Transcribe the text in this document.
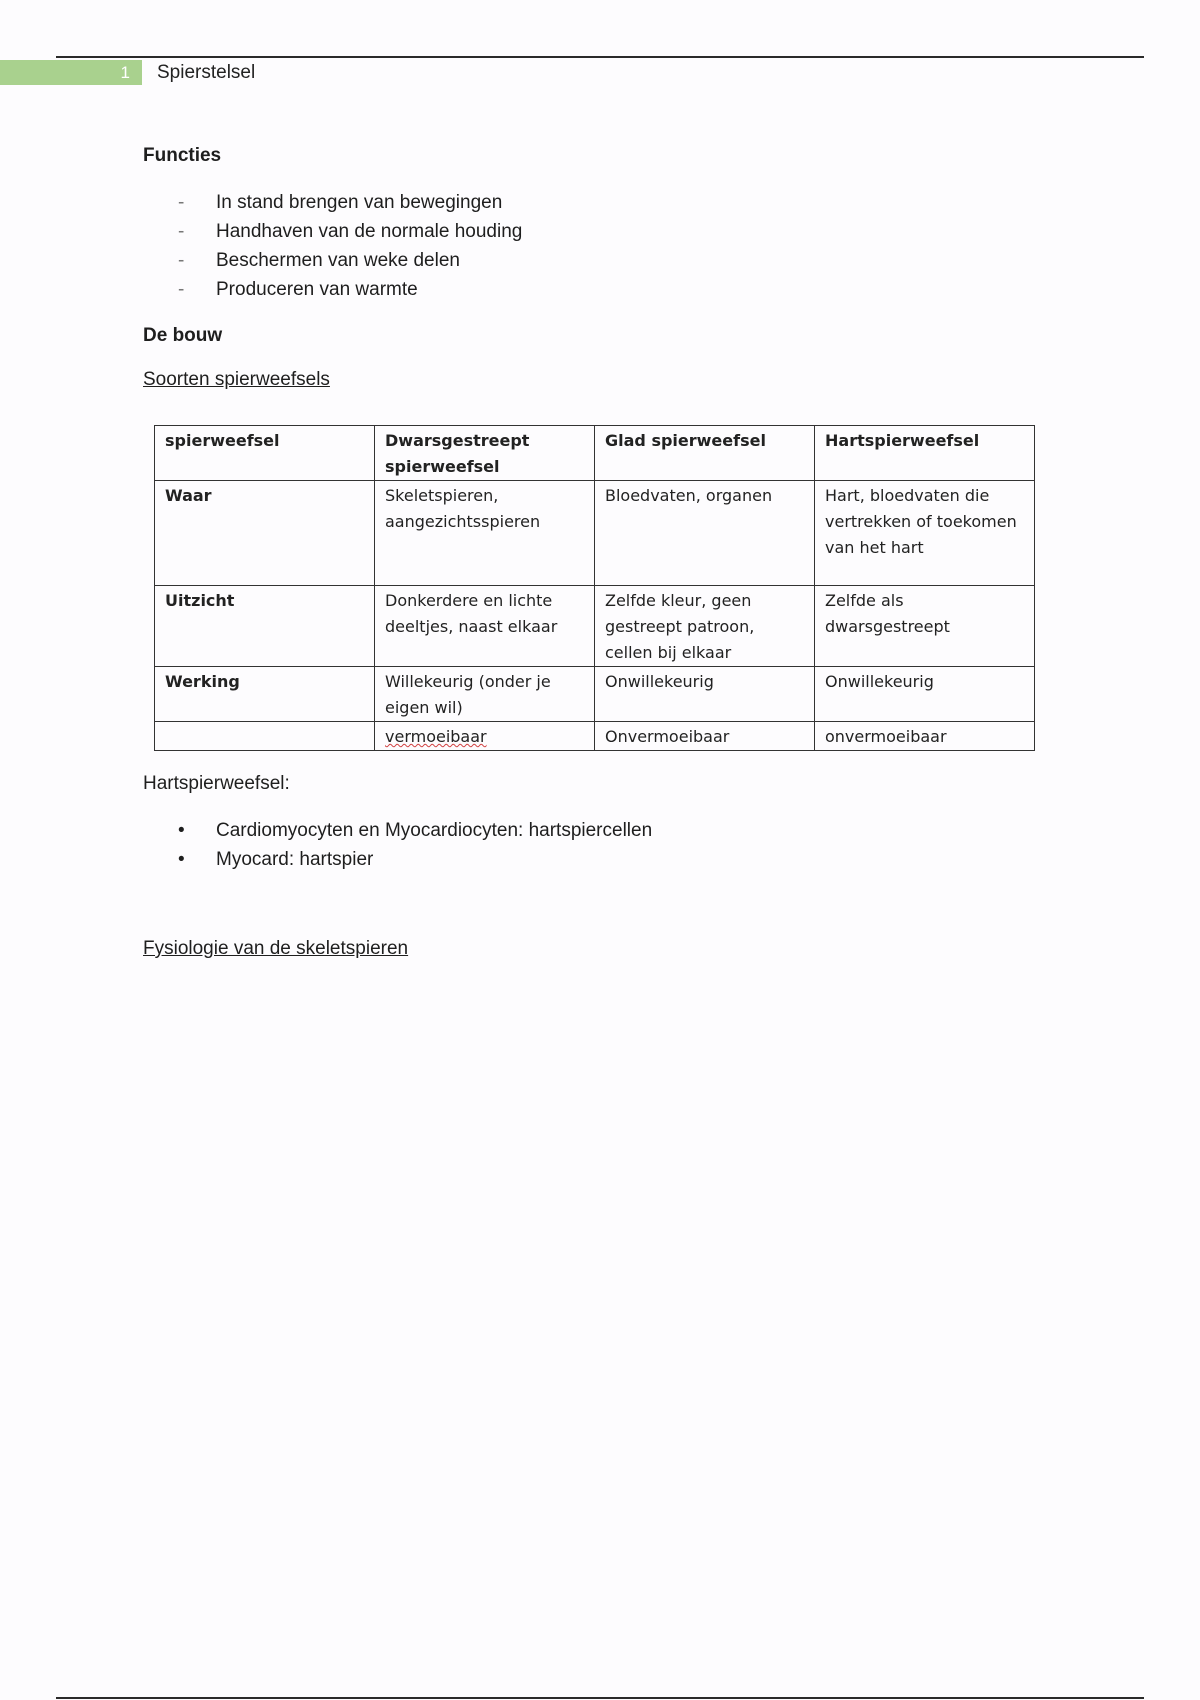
1	Spierstelsel
Functies
- In stand brengen van bewegingen
- Handhaven van de normale houding
- Beschermen van weke delen
- Produceren van warmte
De bouw
Soorten spierweefsels
spierweefsel	Dwarsgestreept spierweefsel	Glad spierweefsel	Hartspierweefsel
Waar	Skeletspieren, aangezichtsspieren	Bloedvaten, organen	Hart, bloedvaten die vertrekken of toekomen van het hart
Uitzicht	Donkerdere en lichte deeltjes, naast elkaar	Zelfde kleur, geen gestreept patroon, cellen bij elkaar	Zelfde als dwarsgestreept
Werking	Willekeurig (onder je eigen wil)	Onwillekeurig	Onwillekeurig
	vermoeibaar	Onvermoeibaar	onvermoeibaar
Hartspierweefsel:
• Cardiomyocyten en Myocardiocyten: hartspiercellen
• Myocard: hartspier
Fysiologie van de skeletspieren
